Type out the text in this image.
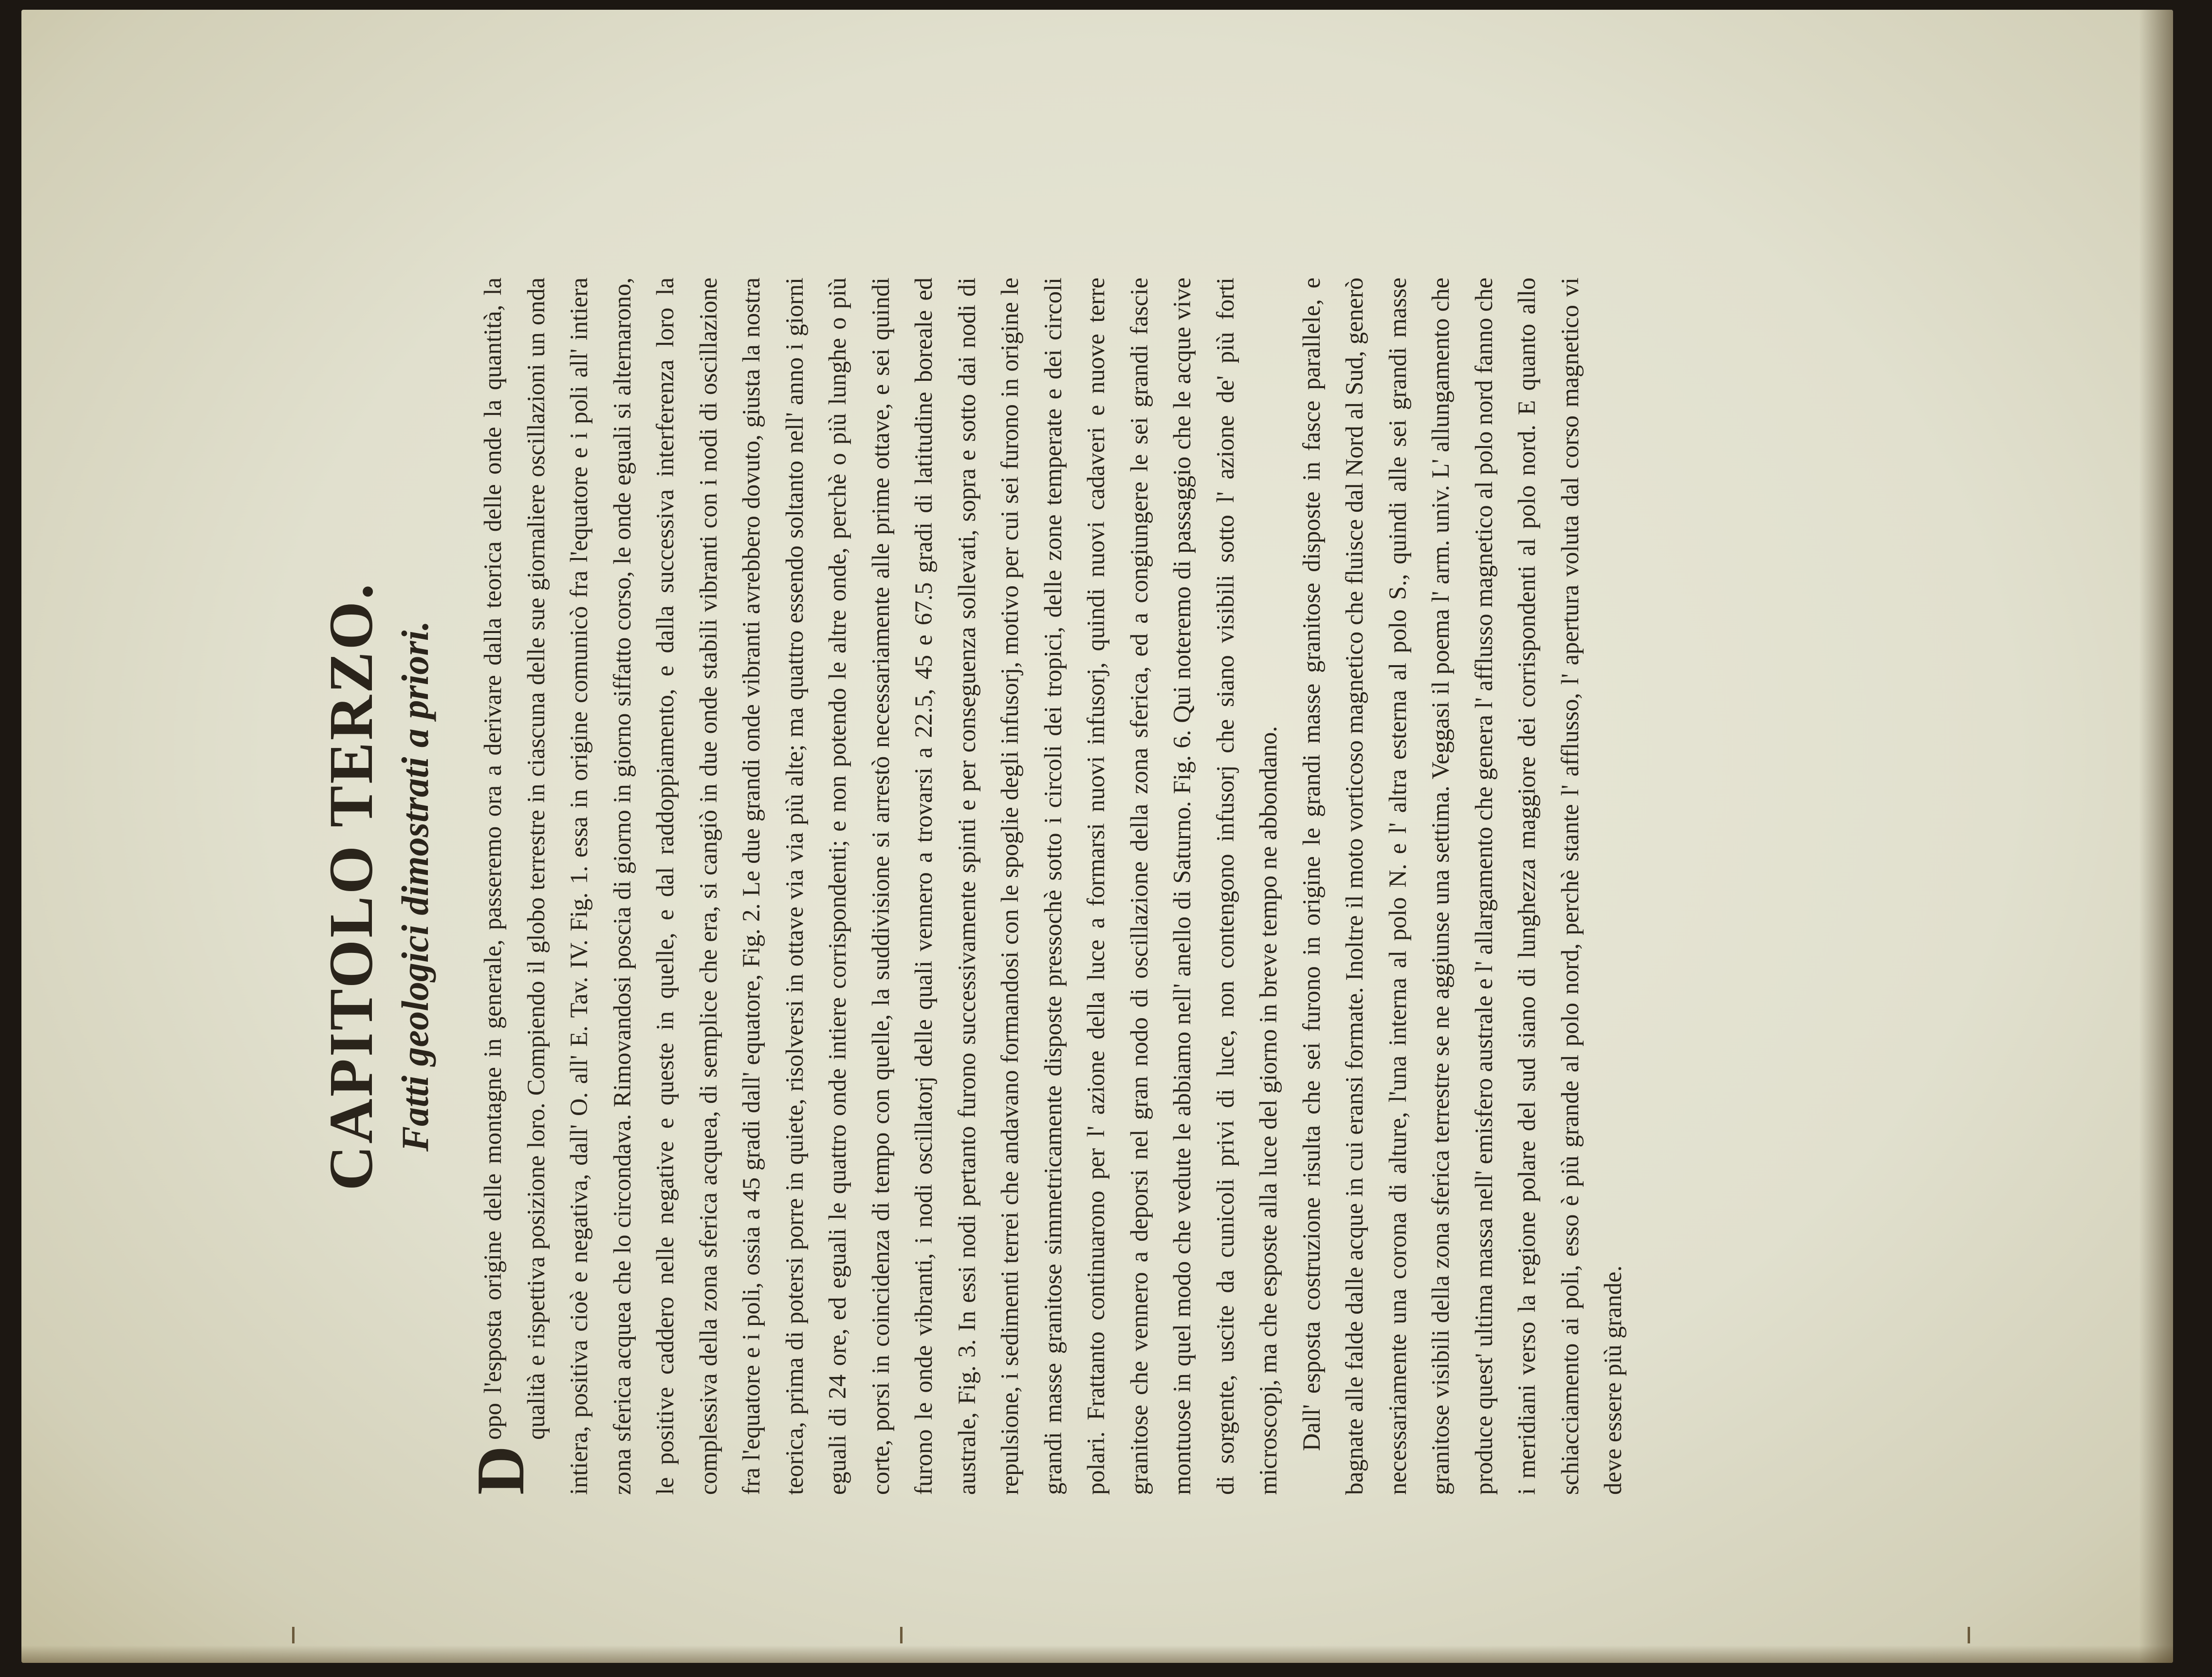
CAPITOLO TERZO. Fatti geologici dimostrati a priori.

D
opo l'esposta origine delle montagne in generale, passeremo ora a derivare dalla teorica delle onde la quantità, la qualità e rispettiva posizione loro. Compiendo il globo terrestre in ciascuna delle sue giornaliere oscillazioni un onda intiera, positiva cioè e negativa, dall' O. all' E. Tav. IV. Fig. 1. essa in origine comunicò fra l'equatore e i poli all' intiera zona sferica acquea che lo circondava. Rimovandosi poscia di giorno in giorno siffatto corso, le onde eguali si alternarono, le positive caddero nelle negative e queste in quelle, e dal raddoppiamento, e dalla successiva interferenza loro la complessiva della zona sferica acquea, di semplice che era, si cangiò in due onde stabili vibranti con i nodi di oscillazione fra l'equatore e i poli, ossia a 45 gradi dall' equatore, Fig. 2. Le due grandi onde vibranti avrebbero dovuto, giusta la nostra teorica, prima di potersi porre in quiete, risolversi in ottave via via più alte; ma quattro essendo soltanto nell' anno i giorni eguali di 24 ore, ed eguali le quattro onde intiere corrispondenti; e non potendo le altre onde, perchè o più lunghe o più corte, porsi in coincidenza di tempo con quelle, la suddivisione si arrestò necessariamente alle prime ottave, e sei quindi furono le onde vibranti, i nodi oscillatorj delle quali vennero a trovarsi a 22.5, 45 e 67.5 gradi di latitudine boreale ed australe, Fig. 3. In essi nodi pertanto furono successivamente spinti e per conseguenza sollevati, sopra e sotto dai nodi di repulsione, i sedimenti terrei che andavano formandosi con le spoglie degli infusorj, motivo per cui sei furono in origine le grandi masse granitose simmetricamente disposte pressochè sotto i circoli dei tropici, delle zone temperate e dei circoli polari. Frattanto continuarono per l' azione della luce a formarsi nuovi infusorj, quindi nuovi cadaveri e nuove terre granitose che vennero a deporsi nel gran nodo di oscillazione della zona sferica, ed a congiungere le sei grandi fascie montuose in quel modo che vedute le abbiamo nell' anello di Saturno. Fig. 6. Qui noteremo di passaggio che le acque vive di sorgente, uscite da cunicoli privi di luce, non contengono infusorj che siano visibili sotto l' azione de' più forti microscopj, ma che esposte alla luce del giorno in breve tempo ne abbondano. Dall' esposta costruzione risulta che sei furono in origine le grandi masse granitose disposte in fasce parallele, e bagnate alle falde dalle acque in cui eransi formate. Inoltre il moto vorticoso magnetico che fluisce dal Nord al Sud, generò necessariamente una corona di alture, l'una interna al polo N. e l' altra esterna al polo S., quindi alle sei grandi masse granitose visibili della zona sferica terrestre se ne aggiunse una settima. Veggasi il poema l' arm. univ. L' allungamento che produce quest' ultima massa nell' emisfero australe e l' allargamento che genera l' afflusso magnetico al polo nord fanno che i meridiani verso la regione polare del sud siano di lunghezza maggiore dei corrispondenti al polo nord. E quanto allo schiacciamento ai poli, esso è più grande al polo nord, perchè stante l' afflusso, l' apertura voluta dal corso magnetico vi deve essere più grande.
